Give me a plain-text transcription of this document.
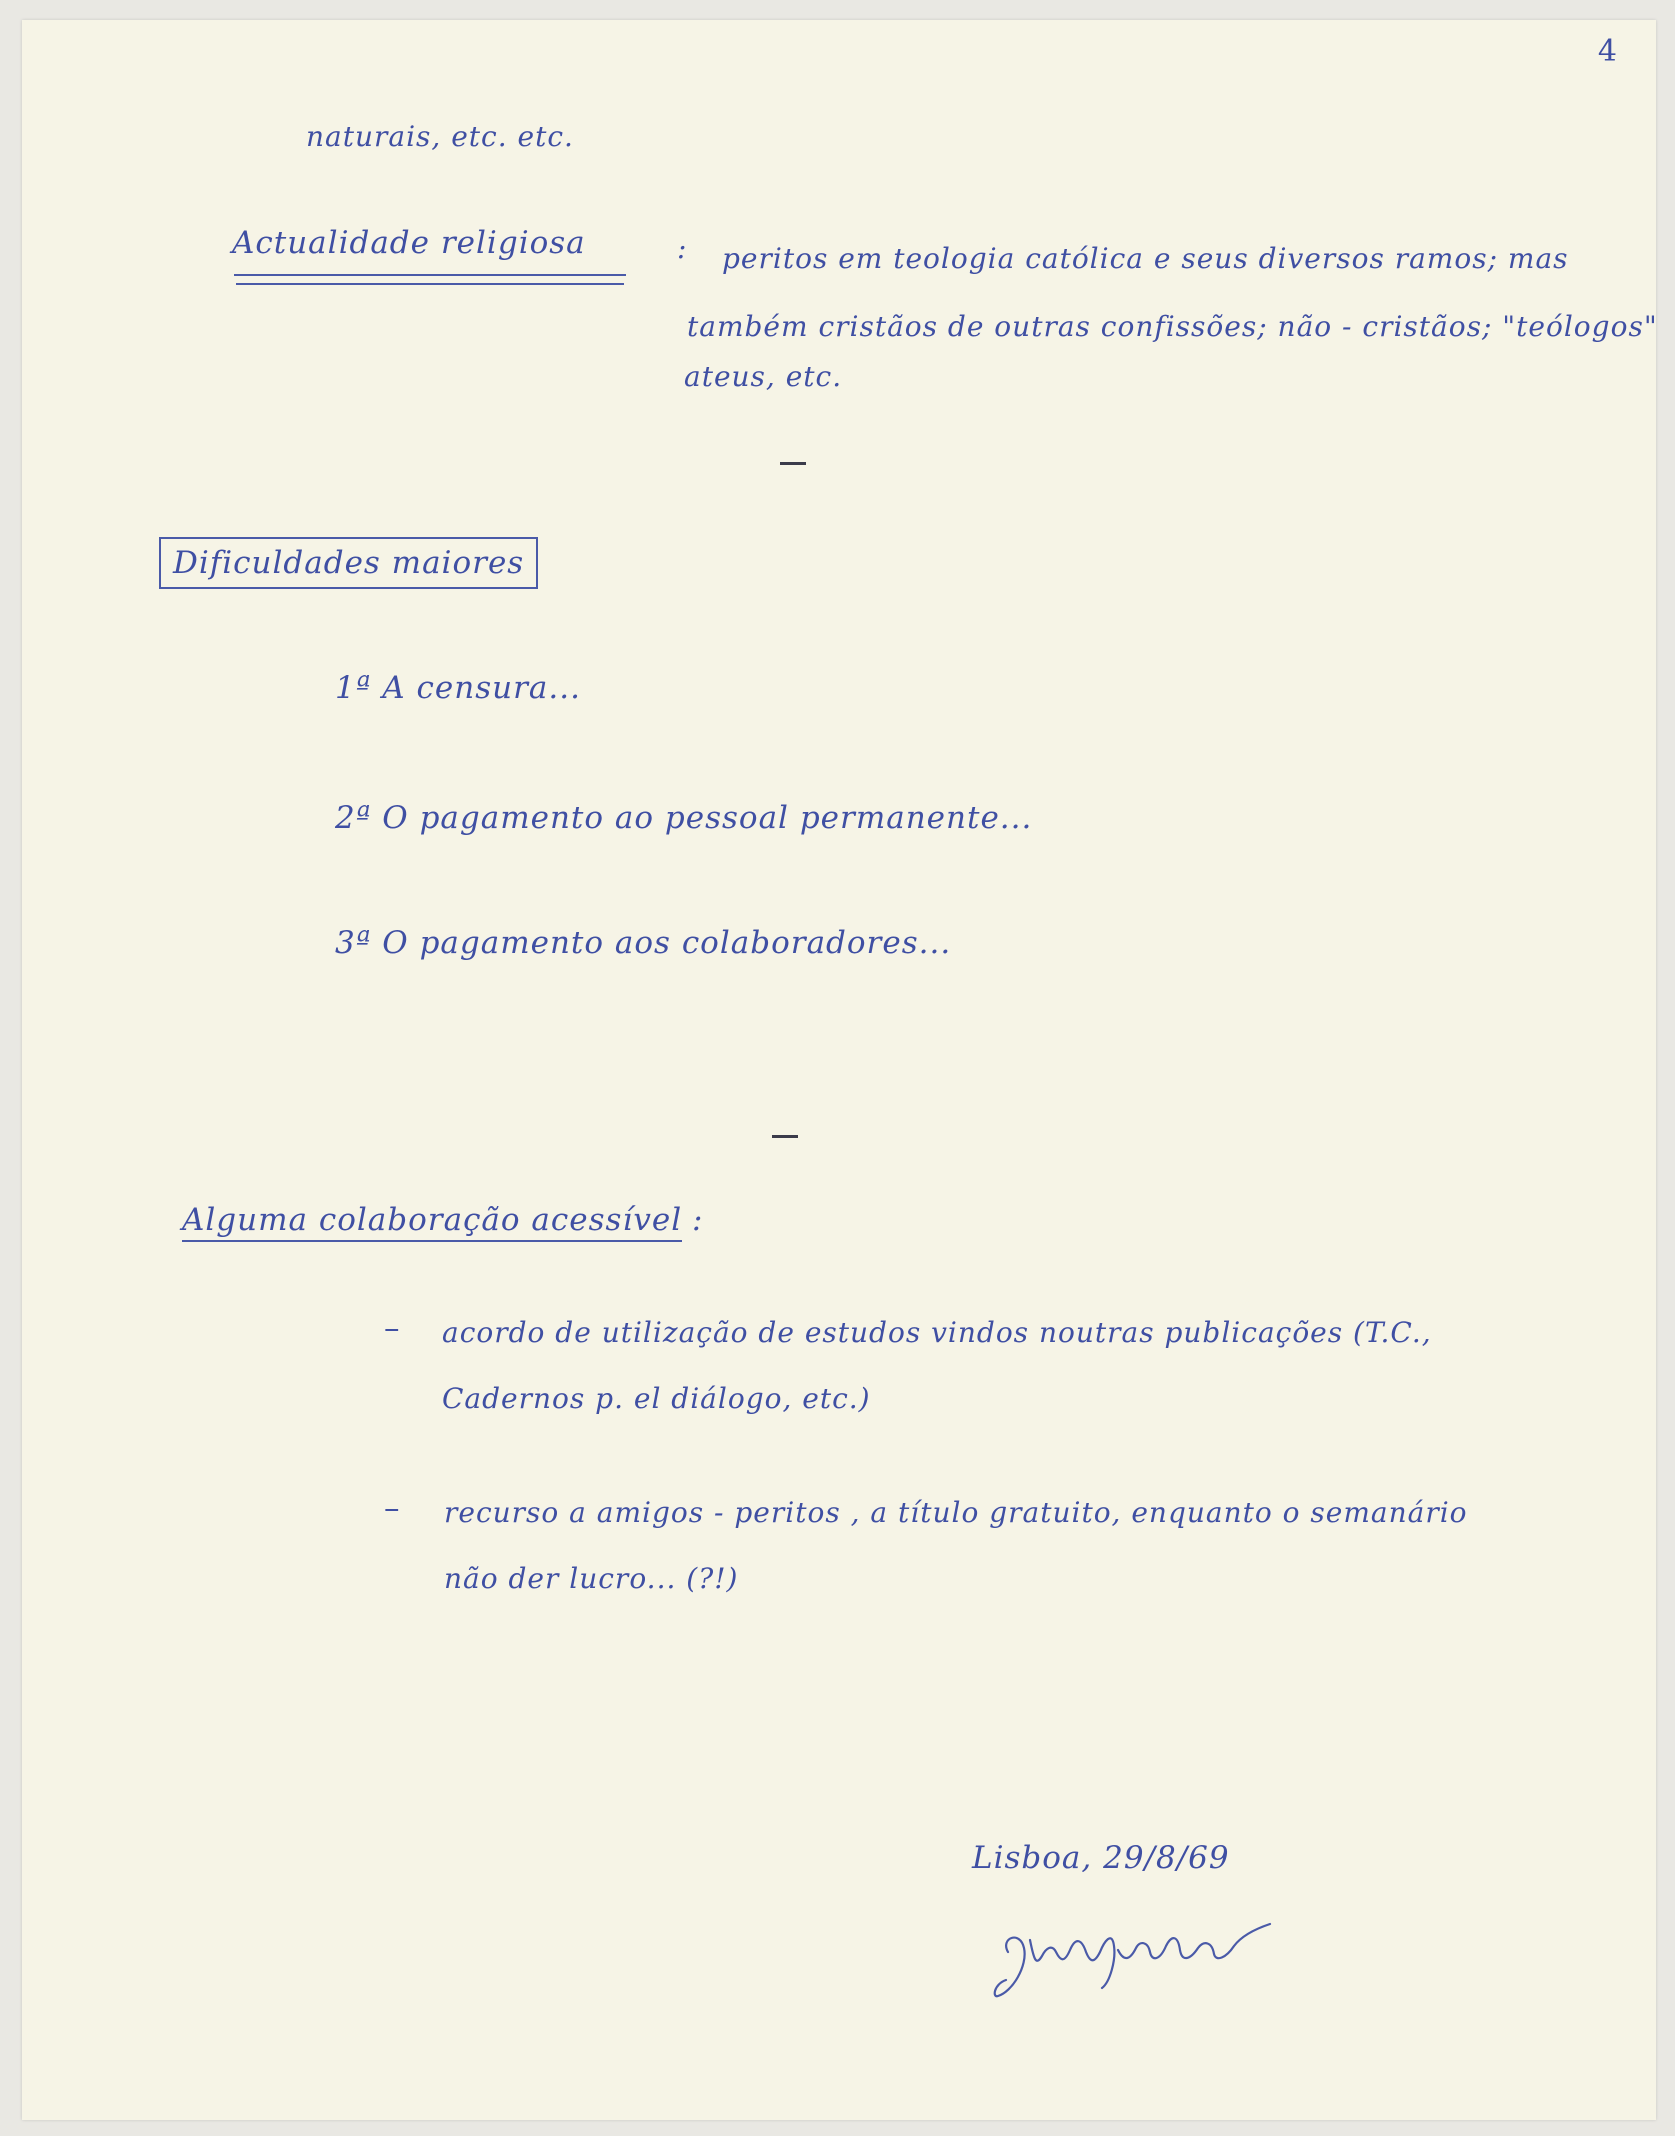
4
naturais, etc. etc.
Actualidade religiosa	: peritos em teologia católica e seus diversos ramos; mas
também cristãos de outras confissões; não - cristãos; "teólogos"
ateus, etc.
Dificuldades maiores
1ª A censura...
2ª O pagamento ao pessoal permanente...
3ª O pagamento aos colaboradores...
Alguma colaboração acessível :
– acordo de utilização de estudos vindos noutras publicações (T.C.,
Cadernos p. el diálogo, etc.)
– recurso a amigos - peritos , a título gratuito, enquanto o semanário
não der lucro... (?!)
Lisboa, 29/8/69
